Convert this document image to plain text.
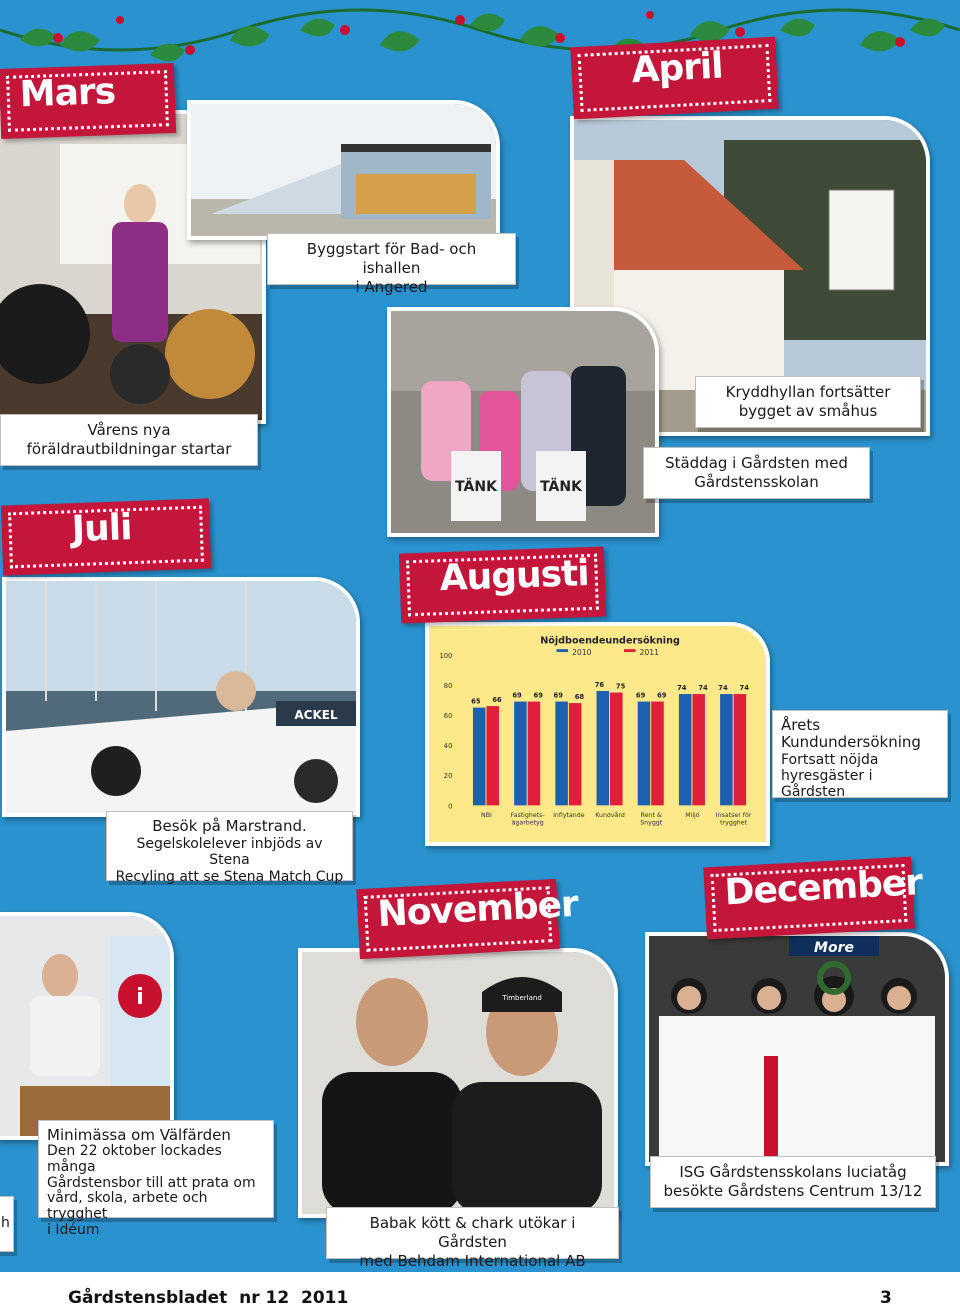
TÄNK	TÄNK
ACKEL
i	Timberland
More
Nöjdboendeundersökning
2010	2011
0
20
40
60
80
100
65 66
NBI
69 69
Fastighets-
ägarbetyg
69 68
Inflytande
76 75
Kundvård
69 69
Rent &
Snyggt
74 74
Miljö
74 74
Insatser för
trygghet
Mars
April
Juli
Augusti
November	December
Byggstart för Bad- och ishallen
i Angered
Vårens nya
föräldrautbildningar startar
Kryddhyllan fortsätter
bygget av småhus
Städdag i Gårdsten med
Gårdstensskolan
Årets
Kundundersökning
Fortsatt nöjda
hyresgäster i Gårdsten
Besök på Marstrand.
Segelskolelever inbjöds av Stena
Recyling att se Stena Match Cup
Minimässa om Välfärden
Den 22 oktober lockades många
Gårdstensbor till att prata om
vård, skola, arbete och trygghet
i Idéum	Babak kött & chark utökar i Gårdsten
med Behdam International AB
ISG Gårdstensskolans luciatåg
besökte Gårdstens Centrum 13/12
h
Gårdstensbladet  nr 12  2011	3
